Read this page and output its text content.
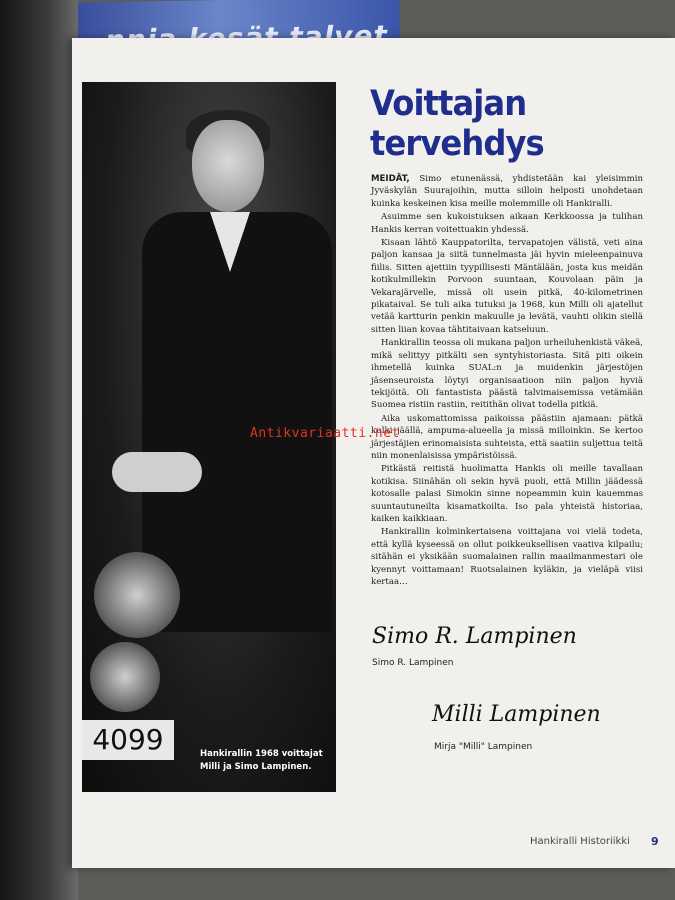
talvet
4099	Hankirallin 1968 voittajat
Milli ja Simo Lampinen.
Voittajan
tervehdys

MEIDÄT, Simo etunenässä, yhdistetään kai yleisimmin Jyväskylän Suurajoihin, mutta silloin helposti unohdetaan kuinka keskeinen kisa meille molemmille oli Hankiralli.

Asuimme sen kukoistuksen aikaan Kerkkoossa ja tulihan Hankis kerran voitettuakin yhdessä.

Kisaan lähtö Kauppatorilta, tervapatojen välistä, veti aina paljon kansaa ja siitä tunnelmasta jäi hyvin mieleenpainuva fiilis. Sitten ajettiin tyypillisesti Mäntälään, josta kus meidän kotikulmillekin Porvoon suuntaan, Kouvolaan päin ja Vekarajärvelle, missä oli usein pitkä, 40-kilometrinen pikataival. Se tuli aika tutuksi ja 1968, kun Milli oli ajatellut vetää kartturin penkin makuulle ja levätä, vauhti olikin siellä sitten liian kovaa tähtitaivaan katseluun.

Hankirallin teossa oli mukana paljon urheiluhenkistä väkeä, mikä selittyy pitkälti sen syntyhistoriasta. Sitä piti oikein ihmetellä kuinka SUAL:n ja muidenkin järjestöjen jäsenseuroista löytyi organisaatioon niin paljon hyviä tekijöitä. Oli fantastista päästä talvimaisemissa vetämään Suomea ristiin rastiin, reitithän olivat todella pitkiä.

Aika uskomattomissa paikoissa päästiin ajamaan: pätkä kulki jäällä, ampuma-alueella ja missä milloinkin. Se kertoo järjestäjien erinomaisista suhteista, että saatiin suljettua teitä niin monenlaisissa ympäristöissä.

Pitkästä reitistä huolimatta Hankis oli meille tavallaan kotikisa. Siinähän oli sekin hyvä puoli, että Millin jäädessä kotosalle palasi Simokin sinne nopeammin kuin kauemmas suuntautuneilta kisamatkoilta. Iso pala yhteistä historiaa, kaiken kaikkiaan.

Hankirallin kolminkertaisena voittajana voi vielä todeta, että kyllä kyseessä on ollut poikkeuksellisen vaativa kilpailu; sitähän ei yksikään suomalainen rallin maailmanmestari ole kyennyt voittamaan! Ruotsalainen kyläkin, ja vieläpä viisi kertaa…

Simo R. Lampinen
Simo R. Lampinen
Milli Lampinen
Mirja "Milli" Lampinen
Hankiralli Historiikki 9
Antikvariaatti.net
